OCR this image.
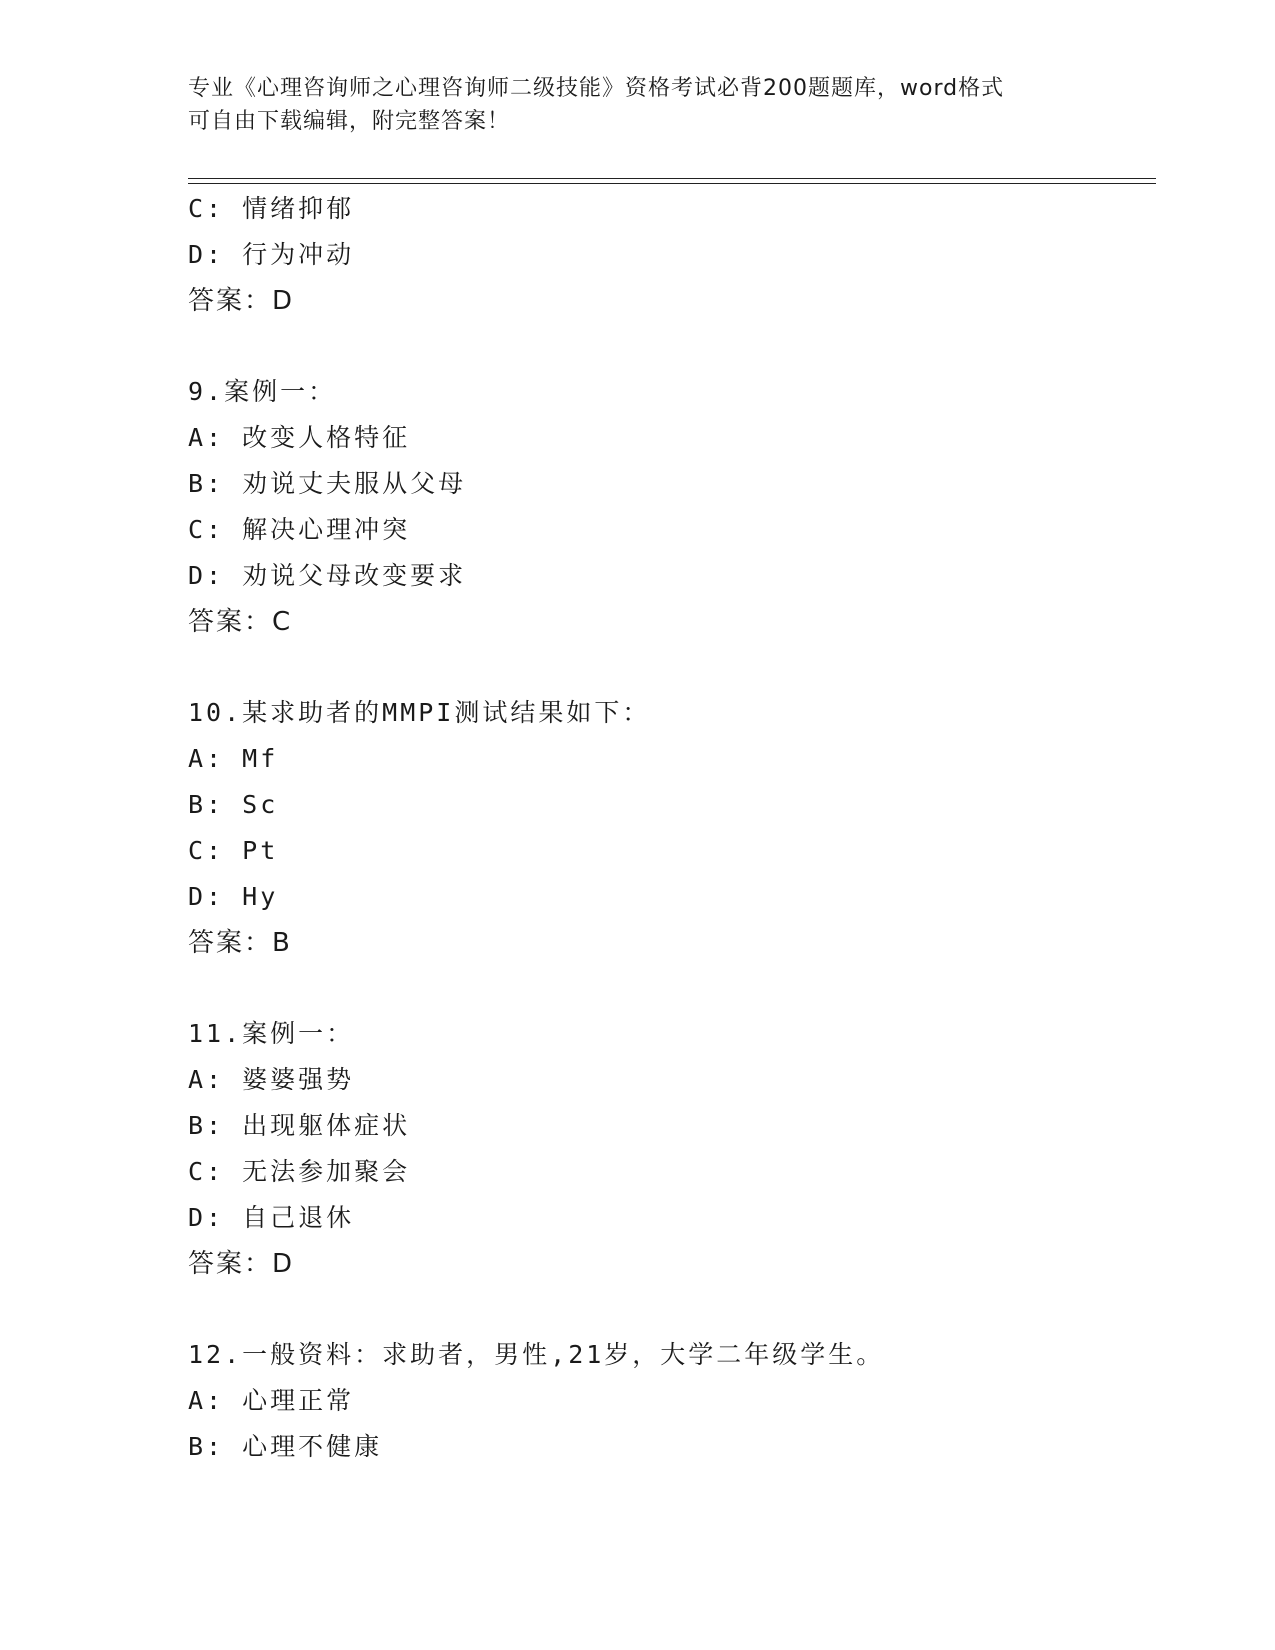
专业《心理咨询师之心理咨询师二级技能》资格考试必背200题题库，word格式
可自由下载编辑，附完整答案！
C: 情绪抑郁
D: 行为冲动
答案：D
9.案例一：
A: 改变人格特征
B: 劝说丈夫服从父母
C: 解决心理冲突
D: 劝说父母改变要求
答案：C
10.某求助者的MMPI测试结果如下：
A: Mf
B: Sc
C: Pt
D: Hy
答案：B
11.案例一：
A: 婆婆强势
B: 出现躯体症状
C: 无法参加聚会
D: 自己退休
答案：D
12.一般资料：求助者，男性,21岁，大学二年级学生。
A: 心理正常
B: 心理不健康
